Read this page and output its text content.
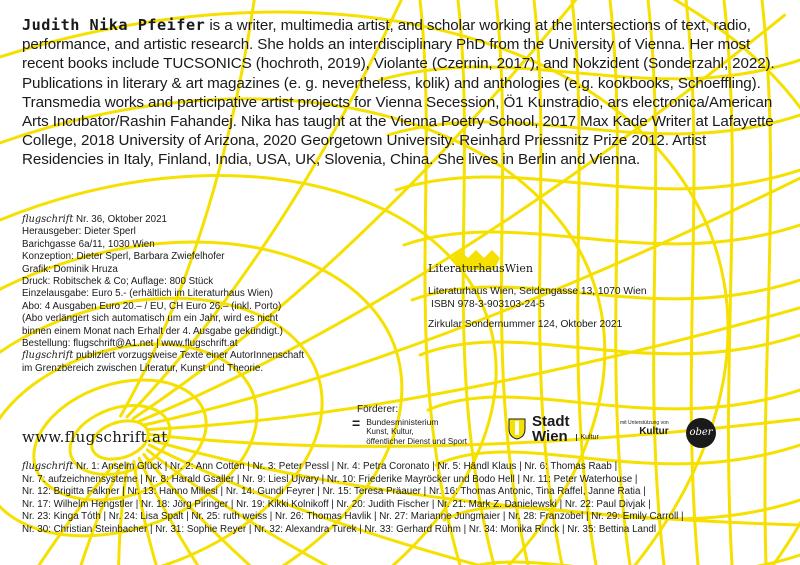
Judith Nika Pfeifer is a writer, multimedia artist, and scholar working at the intersections of text, radio, performance, and artistic research. She holds an interdisciplinary PhD from the University of Vienna. Her most recent books include TUCSONICS (hochroth, 2019), Violante (Czernin, 2017), and Nokzident (Sonderzahl, 2022). Publications in literary & art magazines (e. g. nevertheless, kolik) and anthologies (e.g. kookbooks, Schoeffling). Transmedia works and participative artist projects for Vienna Secession, Ö1 Kunstradio, ars electronica/American Arts Incubator/Rashin Fahandej. Nika has taught at the Vienna Poetry School, 2017 Max Kade Writer at Lafayette College, 2018 University of Arizona, 2020 Georgetown University. Reinhard Priessnitz Prize 2012. Artist Residencies in Italy, Finland, India, USA, UK, Slovenia, China. She lives in Berlin and Vienna.
flugschrift Nr. 36, Oktober 2021
Herausgeber: Dieter Sperl
Barichgasse 6a/11, 1030 Wien
Konzeption: Dieter Sperl, Barbara Zwiefelhofer
Grafik: Dominik Hruza
Druck: Robitschek & Co; Auflage: 800 Stück
Einzelausgabe: Euro 5.- (erhältlich im Literaturhaus Wien)
Abo: 4 Ausgaben Euro 20.– / EU, CH Euro 26.– (inkl. Porto)
(Abo verlängert sich automatisch um ein Jahr, wird es nicht
binnen einem Monat nach Erhalt der 4. Ausgabe gekündigt.)
Bestellung: flugschrift@A1.net | www.flugschrift.at
flugschrift publiziert vorzugsweise Texte einer AutorInnenschaft
im Grenzbereich zwischen Literatur, Kunst und Theorie.
www.flugschrift.at
LiteraturhausWien
Literaturhaus Wien, Seidengasse 13, 1070 Wien
ISBN 978-3-903103-24-5
Zirkular Sondernummer 124, Oktober 2021
Förderer:
= Bundesministerium
Kunst, Kultur,
öffentlicher Dienst und Sport
Stadt
Wien	Kultur
mit Unterstützung von
Kultur	ober
flugschrift Nr. 1: Anselm Glück | Nr. 2: Ann Cotten | Nr. 3: Peter Pessl | Nr. 4: Petra Coronato | Nr. 5: Händl Klaus | Nr. 6: Thomas Raab |
Nr. 7: aufzeichnensysteme | Nr. 8: Harald Gsaller | Nr. 9: Liesl Ujvary | Nr. 10: Friederike Mayröcker und Bodo Hell | Nr. 11: Peter Waterhouse |
Nr. 12: Brigitta Falkner | Nr. 13: Hanno Millesi | Nr. 14: Gundi Feyrer | Nr. 15: Teresa Präauer | Nr. 16: Thomas Antonic, Tina Raffel, Janne Ratia |
Nr. 17: Wilhelm Hengstler | Nr. 18: Jörg Piringer | Nr. 19: Kikki Kolnikoff | Nr. 20: Judith Fischer | Nr. 21: Mark Z. Danielewski | Nr. 22: Paul Divjak |
Nr. 23: Kinga Tóth | Nr. 24: Lisa Spalt | Nr. 25: ruth weiss | Nr. 26: Thomas Havlik | Nr. 27: Marianne Jungmaier | Nr. 28: Franzobel | Nr. 29: Emily Carroll |
Nr. 30: Christian Steinbacher | Nr. 31: Sophie Reyer | Nr. 32: Alexandra Turek | Nr. 33: Gerhard Rühm | Nr. 34: Monika Rinck | Nr. 35: Bettina Landl
